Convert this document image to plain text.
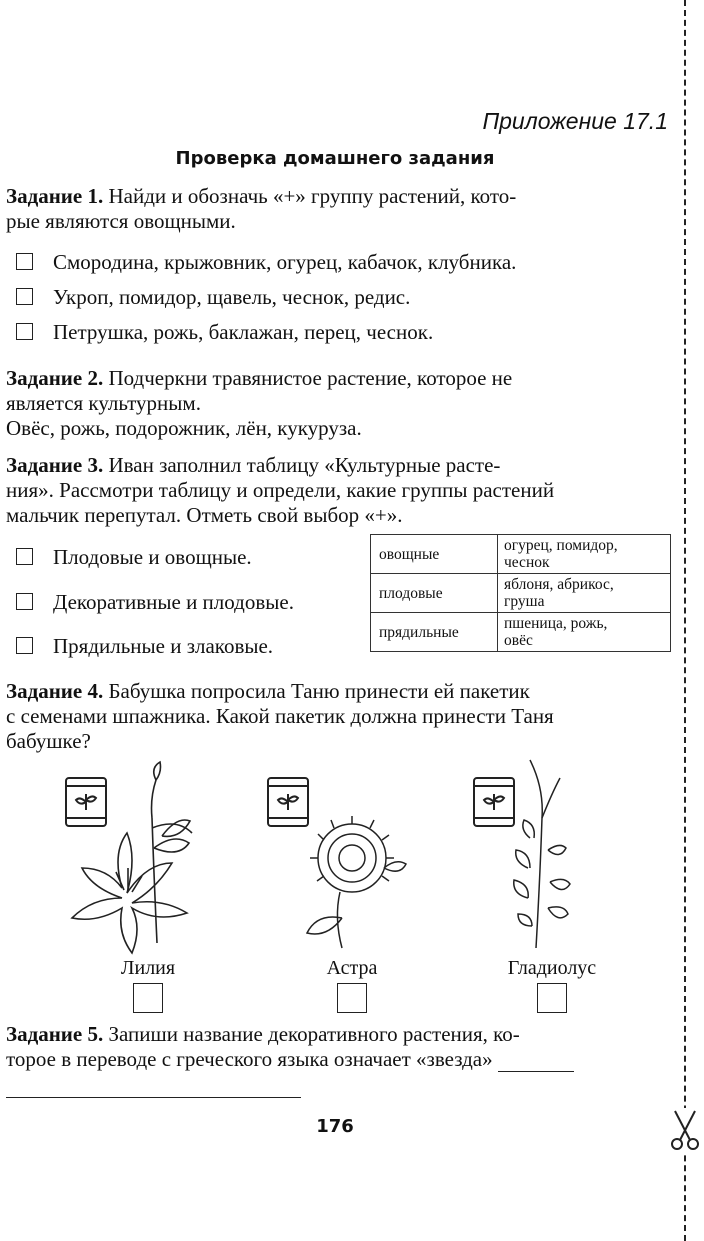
Приложение 17.1
Проверка домашнего задания
Задание 1. Найди и обозначь «+» группу растений, кото-
рые являются овощными.
Смородина, крыжовник, огурец, кабачок, клубника.
Укроп, помидор, щавель, чеснок, редис.
Петрушка, рожь, баклажан, перец, чеснок.
Задание 2. Подчеркни травянистое растение, которое не
является культурным.
Овёс, рожь, подорожник, лён, кукуруза.
Задание 3. Иван заполнил таблицу «Культурные расте-
ния». Рассмотри таблицу и определи, какие группы растений
мальчик перепутал. Отметь свой выбор «+».
Плодовые и овощные.
Декоративные и плодовые.
Прядильные и злаковые.
овощные	огурец, помидор,
чеснок

плодовые	яблоня, абрикос,
груша

прядильные	пшеница, рожь,
овёс
Задание 4. Бабушка попросила Таню принести ей пакетик
с семенами шпажника. Какой пакетик должна принести Таня
бабушке?
Лилия	Астра	Гладиолус
Задание 5. Запиши название декоративного растения, ко-
торое в переводе с греческого языка означает «звезда»
176
